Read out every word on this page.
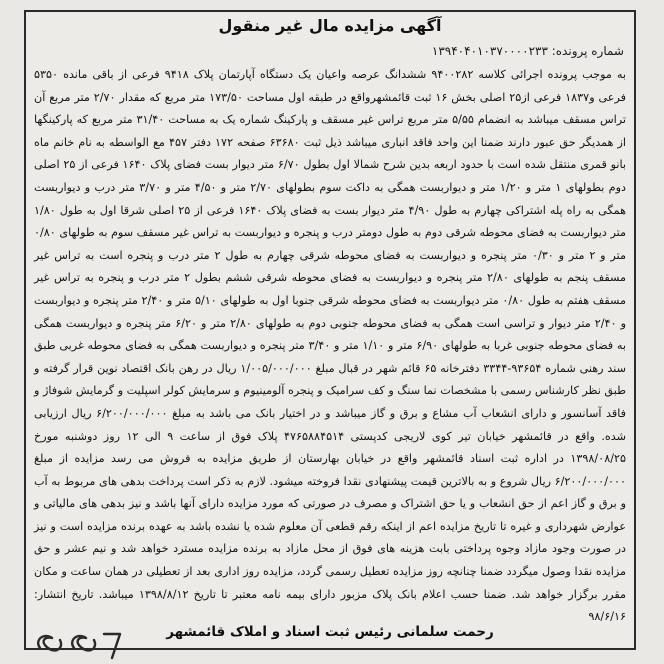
آگهی مزایده مال غیر منقول
شماره پرونده: ۱۳۹۴۰۴۰۱۰۳۷۰۰۰۰۲۳۳
به موجب پرونده اجرائی کلاسه ۹۴۰۰۲۸۲ ششدانگ عرصه واعیان یک دستگاه آپارتمان پلاک ۹۴۱۸ فرعی از باقی مانده ۵۳۵۰ فرعی و۱۸۳۷ فرعی از۲۵ اصلی بخش ۱۶ ثبت قائمشهرواقع در طبقه اول مساحت ۱۷۳/۵۰ متر مربع که مقدار ۲/۷۰ متر مربع آن تراس مسقف میباشد به انضمام ۵/۵۵ متر مربع تراس غیر مسقف و پارکینگ شماره یک به مساحت ۳۱/۴۰ متر مربع که پارکینگها از همدیگر حق عبور دارند ضمنا این واحد فاقد انباری میباشد ذیل ثبت ۶۳۶۸۰ صفحه ۱۷۲ دفتر ۴۵۷ مع الواسطه به نام خانم ماه بانو قمری منتقل شده است با حدود اربعه بدین شرح شمالا اول بطول ۶/۷۰ متر دیوار بست فضای پلاک ۱۶۴۰ فرعی از ۲۵ اصلی دوم بطولهای ۱ متر و ۱/۲۰ متر و دیواربست همگی به داکت سوم بطولهای ۲/۷۰ متر و ۴/۵۰ متر و ۳/۷۰ متر درب و دیواربست همگی به راه پله اشتراکی چهارم به طول ۴/۹۰ متر دیوار بست به فضای پلاک ۱۶۴۰ فرعی از ۲۵ اصلی شرقا اول به طول ۱/۸۰ متر دیواربست به فضای محوطه شرقی دوم به طول دومتر درب و پنجره و دیواربست به تراس غیر مسقف سوم به طولهای ۰/۸۰ متر و ۲ متر و ۰/۳۰ متر پنجره و دیواربست به فضای محوطه شرقی چهارم به طول ۲ متر درب و پنجره است به تراس غیر مسقف پنجم به طولهای ۲/۸۰ متر پنجره و دیواربست به فضای محوطه شرقی ششم بطول ۲ متر درب و پنجره به تراس غیر مسقف هفتم به طول ۰/۸۰ متر دیواربست به فضای محوطه شرقی جنوبا اول به طولهای ۵/۱۰ متر و ۲/۴۰ متر پنجره و دیواربست و ۲/۴۰ متر دیوار و تراسی است همگی به فضای محوطه جنوبی دوم به طولهای ۲/۸۰ متر و ۶/۲۰ متر پنجره و دیواربست همگی به فضای محوطه جنوبی غربا به طولهای ۶/۹۰ متر و ۱/۱۰ متر و ۳/۴۰ متر پنجره و دیواربست همگی به فضای محوطه غربی طبق سند رهنی شماره ۹۳۶۵۴-۳۳۴۴ دفترخانه ۶۵ قائم شهر در قبال مبلغ ۱/۰۰۵/۰۰۰/۰۰۰ ریال در رهن بانک اقتصاد نوین قرار گرفته و طبق نظر کارشناس رسمی با مشخصات نما سنگ و کف سرامیک و پنجره آلومینیوم و سرمایش کولر اسپلیت و گرمایش شوفاژ و فاقد آسانسور و دارای انشعاب آب مشاع و برق و گاز میباشد و در اختیار بانک می باشد به مبلغ ۶/۲۰۰/۰۰۰/۰۰۰ ریال ارزیابی شده. واقع در قائمشهر خیابان تیر کوی لاریجی کدپستی ۴۷۶۵۸۸۴۵۱۴ پلاک فوق از ساعت ۹ الی ۱۲ روز دوشنبه مورخ ۱۳۹۸/۰۸/۲۵ در اداره ثبت اسناد قائمشهر واقع در خیابان بهارستان از طریق مزایده به فروش می رسد مزایده از مبلغ ۶/۲۰۰/۰۰۰/۰۰۰ ریال شروع و به بالاترین قیمت پیشنهادی نقدا فروخته میشود. لازم به ذکر است پرداخت بدهی های مربوط به آب و برق و گاز اعم از حق انشعاب و یا حق اشتراک و مصرف در صورتی که مورد مزایده دارای آنها باشد و نیز بدهی های مالیاتی و عوارض شهرداری و غیره تا تاریخ مزایده اعم از اینکه رقم قطعی آن معلوم شده یا نشده باشد به عهده برنده مزایده است و نیز در صورت وجود مازاد وجوه پرداختی بابت هزینه های فوق از محل مازاد به برنده مزایده مسترد خواهد شد و نیم عشر و حق مزایده نقدا وصول میگردد ضمنا چنانچه روز مزایده تعطیل رسمی گردد، مزایده روز اداری بعد از تعطیلی در همان ساعت و مکان مقرر برگزار خواهد شد. ضمنا حسب اعلام بانک پلاک مزبور دارای بیمه نامه معتبر تا تاریخ ۱۳۹۸/۸/۱۲ میباشد. تاریخ انتشار: ۹۸/۶/۱۶
رحمت سلمانی رئیس ثبت اسناد و املاک قائمشهر
